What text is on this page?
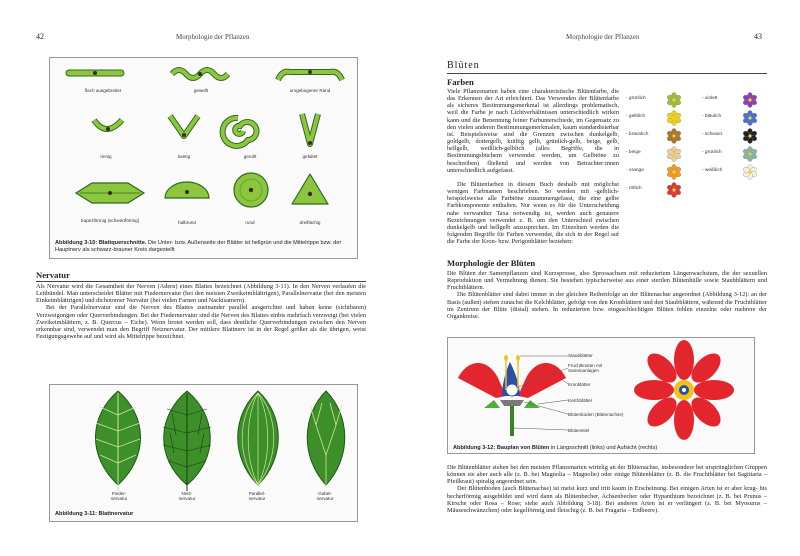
42	Morphologie der Pflanzen
flach ausgebreitet	gewellt	umgebogener Rand
rinnig	kantig	gerollt	gefaltet
trapezförmig (schwertförmig)	halbrund	rund	dreiflächig
Abbildung 3-10: Blattquerschnitte. Die Unter- bzw. Außenseite der Blätter ist hellgrün und die Mittelrippe bzw. der Hauptnerv als schwarz-brauner Kreis dargestellt
Nervatur

Als Nervatur wird die Gesamtheit der Nerven (Adern) eines Blattes bezeichnet (Abbildung 3-11). In den Nerven verlaufen die Leitbündel. Man unterscheidet Blätter mit Fiedernervatur (bei den meisten Zweikeimblättrigen), Parallelnervatur (bei den meisten Einkeimblättrigen) und dichotomer Nervatur (bei vielen Farnen und Nacktsamern).

Bei der Parallelnervatur sind die Nerven des Blattes zueinander parallel ausgerichtet und haben keine (sichtbaren) Verzweigungen oder Querverbindungen. Bei der Fiedernervatur sind die Nerven des Blattes einbis mehrfach verzweigt (bei vielen Zweikeimblättern, z. B. Quercus – Eiche). Wenn brotet werden soll, dass deutliche Querverbindungen zwischen den Nerven erkennbar sind, verwendet man den Begriff Netznervatur. Der mittlere Blattnerv ist in der Regel größer als die übrigen, weist Festigungsgewebe auf und wird als Mittelrippe bezeichnet.

Fieder-
nervatur
Netz-
nervatur
Parallel-
nervatur
Gabel-
nervatur
Abbildung 3-11: Blattnervatur
Morphologie der Pflanzen	43
Blüten
Farben
Viele Pflanzenarten haben eine charakteristische Blütenfarbe, die das Erkennen der Art erleichtert. Das Verwenden der Blütenfarbe als sicheres Bestimmungsmerkmal ist allerdings problematisch, weil die Farbe je nach Lichtverhältnissen unterschiedlich wirken kann und die Benennung feiner Farbunterschiede, im Gegensatz zu den vielen anderen Bestimmungsmerkmalen, kaum standardisierbar ist. Beispielsweise sind die Grenzen zwischen dunkelgelb, goldgelb, dottergelb, kräftig gelb, grünlich-gelb, beige, gelb, hellgelb, weißlich-gelblich (alles Begriffe, die in Bestimmungsbüchern verwendet werden, um Gelbtöne zu beschreiben) fließend und werden von Betrachter:innen unterschiedlich aufgefasst.

Die Blütenfarben in diesem Buch deshalb mit möglichst wenigen Farbnamen beschrieben. So werden mit -gelblich- beispielsweise alle Farbtöne zusammengefasst, die eine gelbe Farbkomponente enthalten. Nur wenn es für die Unterscheidung nahe verwandter Taxa notwendig ist, werden auch genauere Bezeichnungen verwendet z. B. um den Unterschied zwischen dunkelgelb und hellgelb anzusprechen. Im Einzelnen werden die folgenden Begriffe für Farben verwendet, die sich in der Regel auf die Farbe der Kron- bzw. Perigonblätter beziehen:

- grünlich
- gelblich
- bräunlich
- beige
- orange
- rötlich
- violett
- bläulich
- schwarz
- grünlich
- weißlich
Morphologie der Blüten

Die Blüten der Samenpflanzen sind Kurzsprosse, also Sprossachsen mit reduziertem Längenwachstum, die der sexuellen Reproduktion und Vermehrung dienen. Sie bestehen typischerweise aus einer sterilen Blütenhülle sowie Staubblättern und Fruchtblättern.

Die Blütenblätter sind dabei immer in der gleichen Reihenfolge an der Blütenachse angeordnet (Abbildung 3-12): an der Basis (außen) stehen zunächst die Kelchblätter, gefolgt von den Kronblättern und den Staubblättern, während die Fruchtblätter im Zentrum der Blüte (distal) stehen. In reduzierten bzw. eingeschlechtigen Blüten fehlen einzelne oder mehrere der Organkreise.

Staubblätter
Fruchtknoten mit Samenanlagen
Kronblätter
Kelchblätter
Blütenboden (Blütenachse)
Blütenstiel
Abbildung 3-12: Bauplan von Blüten in Längsschnitt (links) und Aufsicht (rechts)

Die Blütenblätter stehen bei den meisten Pflanzenarten wirtelig an der Blütenachse, insbesondere bei ursprünglichen Gruppen können sie aber auch alle (z. B. bei Magnolia – Magnolie) oder einige Blütenblätter (z. B. die Fruchtblätter bei Sagittaria – Pfeilkraut) spiralig angeordnet sein.

Der Blütenboden (auch Blütenachse) ist meist kurz und tritt kaum in Erscheinung. Bei einigen Arten ist er aber krug- bis becherförmig ausgebildet und wird dann als Blütenbecher, Achsenbecher oder Hypanthium bezeichnet (z. B. bei Prunus – Kirsche oder Rosa – Rose; siehe auch Abbildung 3-18). Bei anderen Arten ist er verlängert (z. B. bei Myosurus – Mäuseschwänzchen) oder kegelförmig und fleischig (z. B. bei Fragaria – Erdbeere).
